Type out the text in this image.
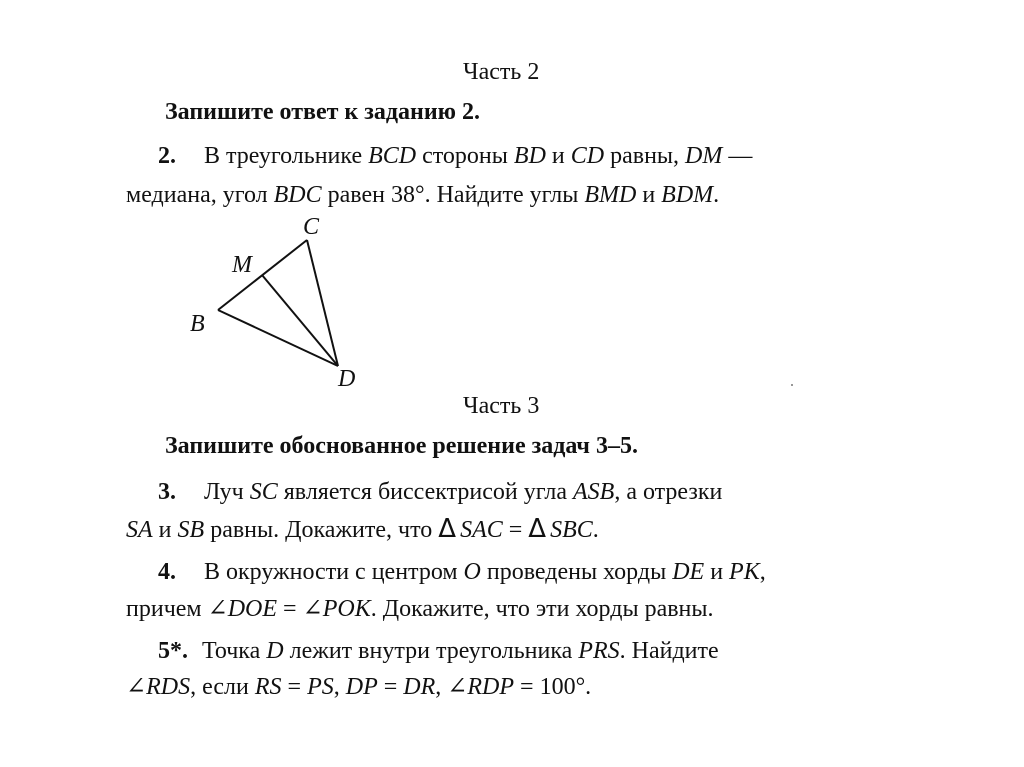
Часть 2
Запишите ответ к заданию 2.
2. В треугольнике BCD стороны BD и CD равны, DM —
медиана, угол BDC равен 38°. Найдите углы BMD и BDM.
C
M
B
D
Часть 3
Запишите обоснованное решение задач 3–5.
3. Луч SC является биссектрисой угла ASB, а отрезки
SA и SB равны. Докажите, что Δ SAC = Δ SBC.
4. В окружности с центром O проведены хорды DE и PK,
причем ∠DOE = ∠POK. Докажите, что эти хорды равны.
5*. Точка D лежит внутри треугольника PRS. Найдите
∠RDS, если RS = PS, DP = DR, ∠RDP = 100°.
